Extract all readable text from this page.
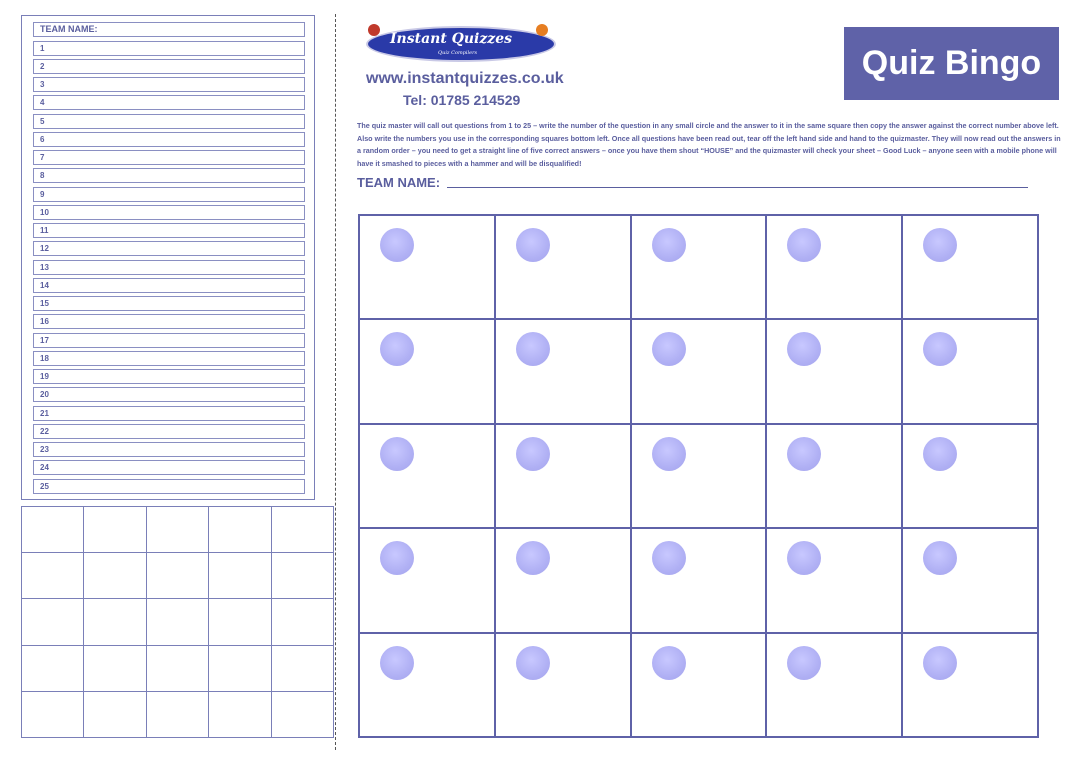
TEAM NAME:
1
2
3
4
5
6
7
8
9
10
11
12
13
14
15
16
17
18
19
20
21
22
23
24
25
Instant Quizzes
Quiz Compilers
www.instantquizzes.co.uk
Tel: 01785 214529
Quiz Bingo
The quiz master will call out questions from 1 to 25 – write the number of the question in any small circle and the answer to it in the same square then copy the answer against the correct number above left. Also write the numbers you use in the corresponding squares bottom left. Once all questions have been read out, tear off the left hand side and hand to the quizmaster. They will now read out the answers in a random order – you need to get a straight line of five correct answers – once you have them shout “HOUSE” and the quizmaster will check your sheet – Good Luck – anyone seen with a mobile phone will have it smashed to pieces with a hammer and will be disqualified!
TEAM NAME:
